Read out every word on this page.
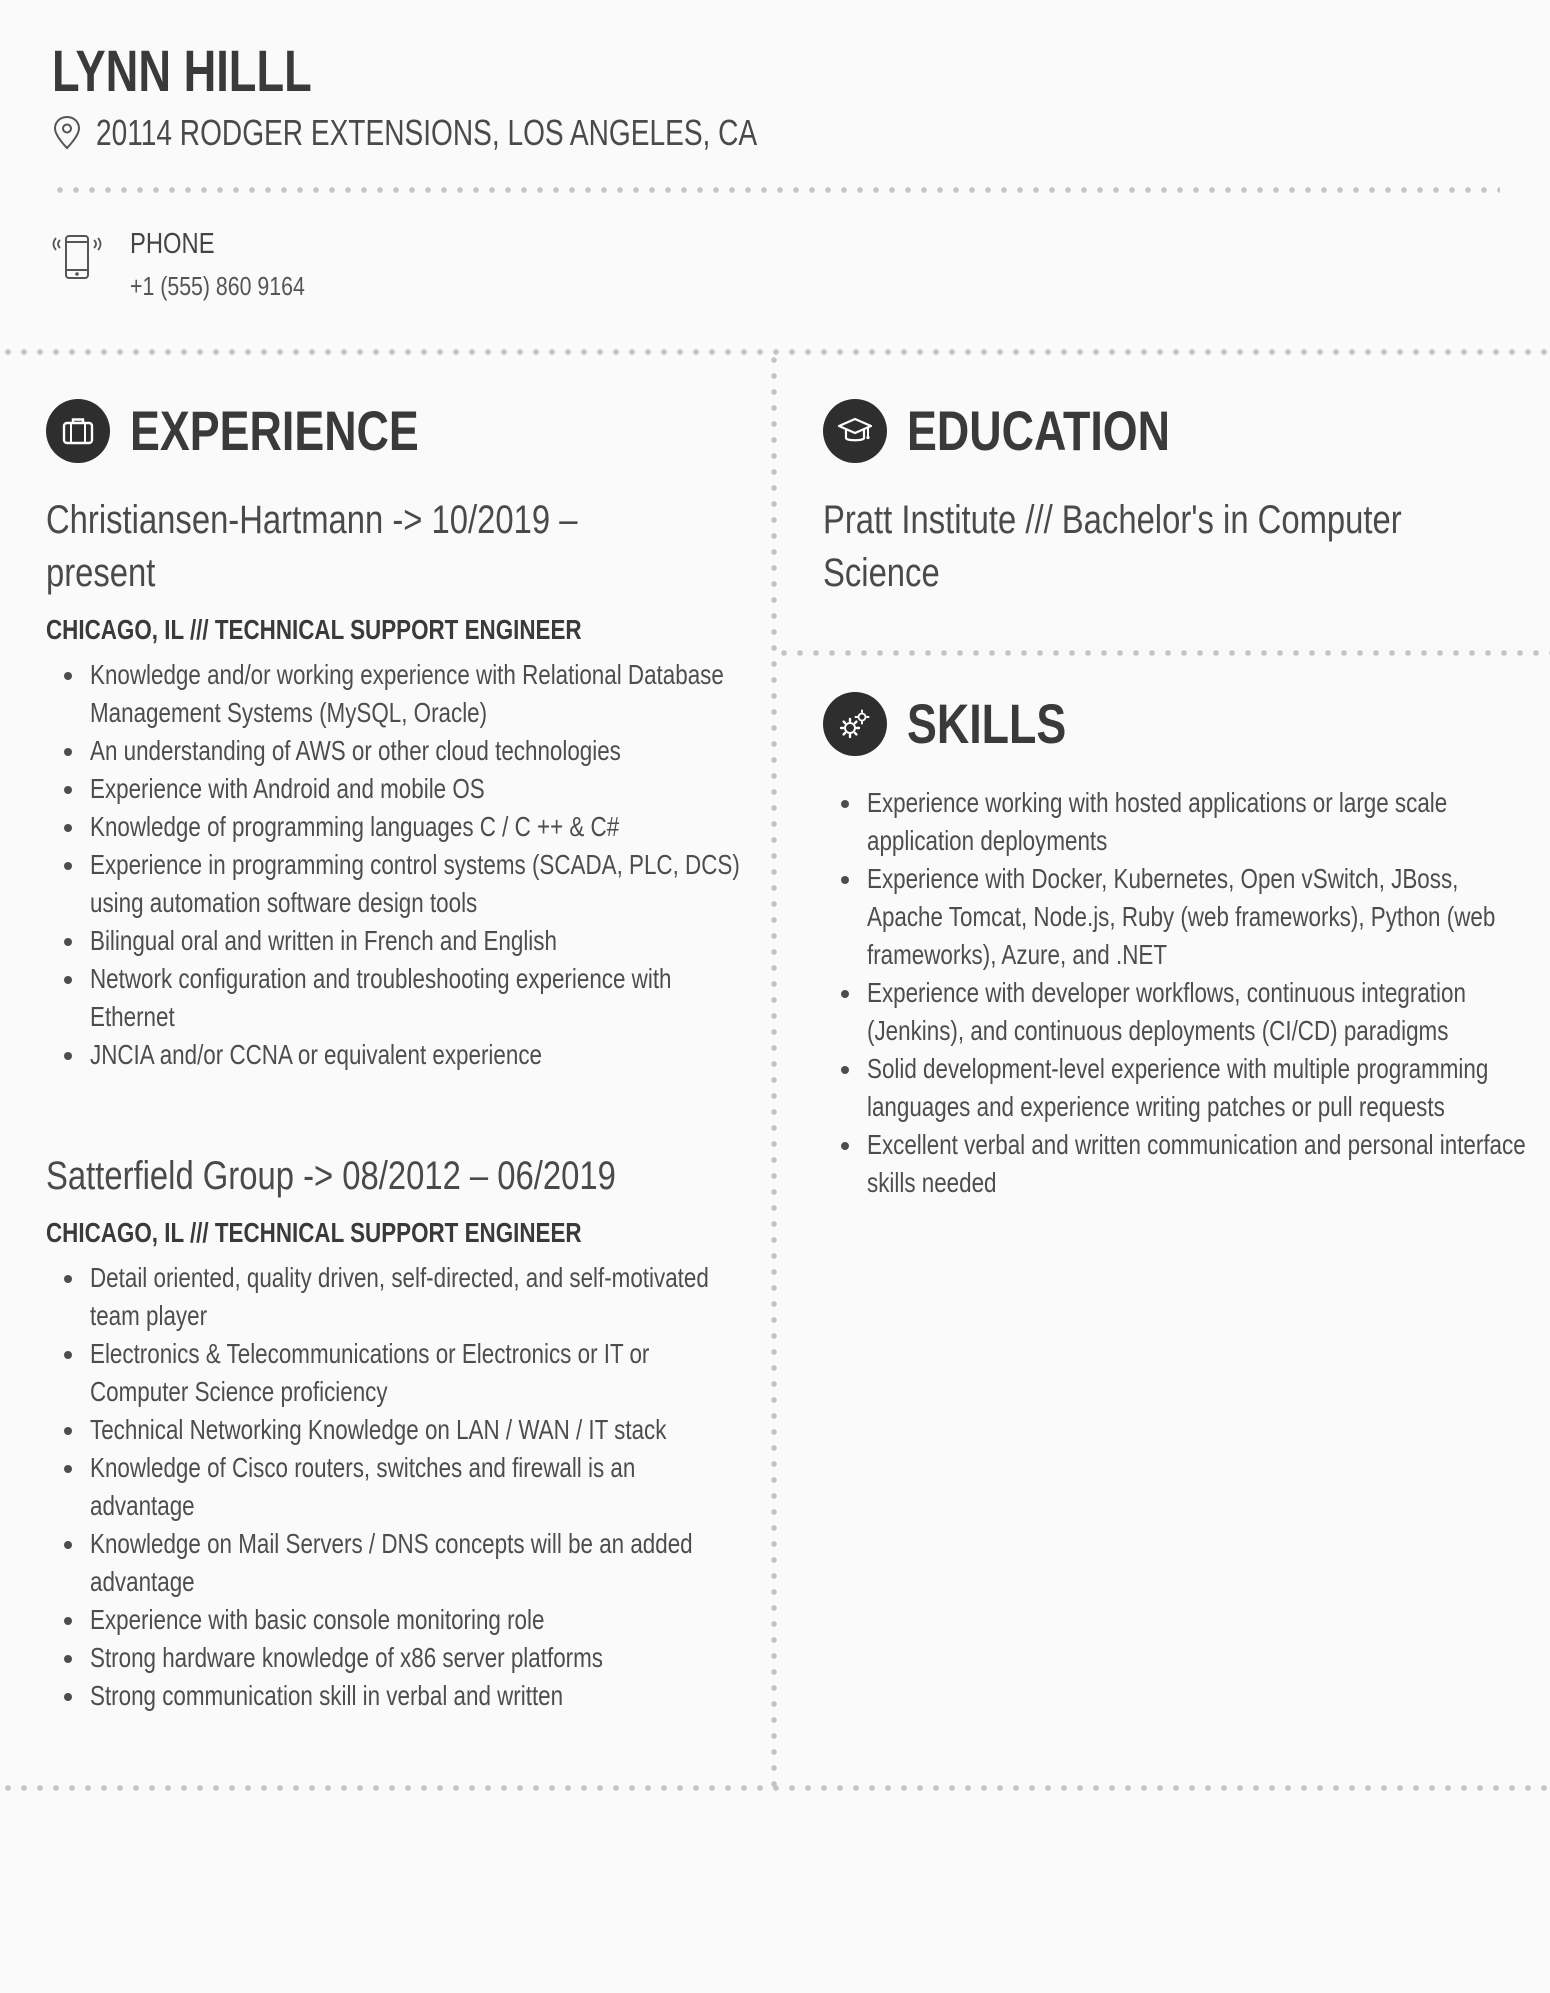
LYNN HILLL
20114 RODGER EXTENSIONS, LOS ANGELES, CA
PHONE
+1 (555) 860 9164
EXPERIENCE
Christiansen-Hartmann -> 10/2019 – present
CHICAGO, IL /// TECHNICAL SUPPORT ENGINEER
Knowledge and/or working experience with Relational Database Management Systems (MySQL, Oracle)
An understanding of AWS or other cloud technologies
Experience with Android and mobile OS
Knowledge of programming languages C / C ++ & C#
Experience in programming control systems (SCADA, PLC, DCS) using automation software design tools
Bilingual oral and written in French and English
Network configuration and troubleshooting experience with Ethernet
JNCIA and/or CCNA or equivalent experience
Satterfield Group -> 08/2012 – 06/2019
CHICAGO, IL /// TECHNICAL SUPPORT ENGINEER
Detail oriented, quality driven, self-directed, and self-motivated team player
Electronics & Telecommunications or Electronics or IT or Computer Science proficiency
Technical Networking Knowledge on LAN / WAN / IT stack
Knowledge of Cisco routers, switches and firewall is an advantage
Knowledge on Mail Servers / DNS concepts will be an added advantage
Experience with basic console monitoring role
Strong hardware knowledge of x86 server platforms
Strong communication skill in verbal and written
EDUCATION
Pratt Institute /// Bachelor's in Computer Science
SKILLS
Experience working with hosted applications or large scale application deployments
Experience with Docker, Kubernetes, Open vSwitch, JBoss, Apache Tomcat, Node.js, Ruby (web frameworks), Python (web frameworks), Azure, and .NET
Experience with developer workflows, continuous integration (Jenkins), and continuous deployments (CI/CD) paradigms
Solid development-level experience with multiple programming languages and experience writing patches or pull requests
Excellent verbal and written communication and personal interface skills needed
